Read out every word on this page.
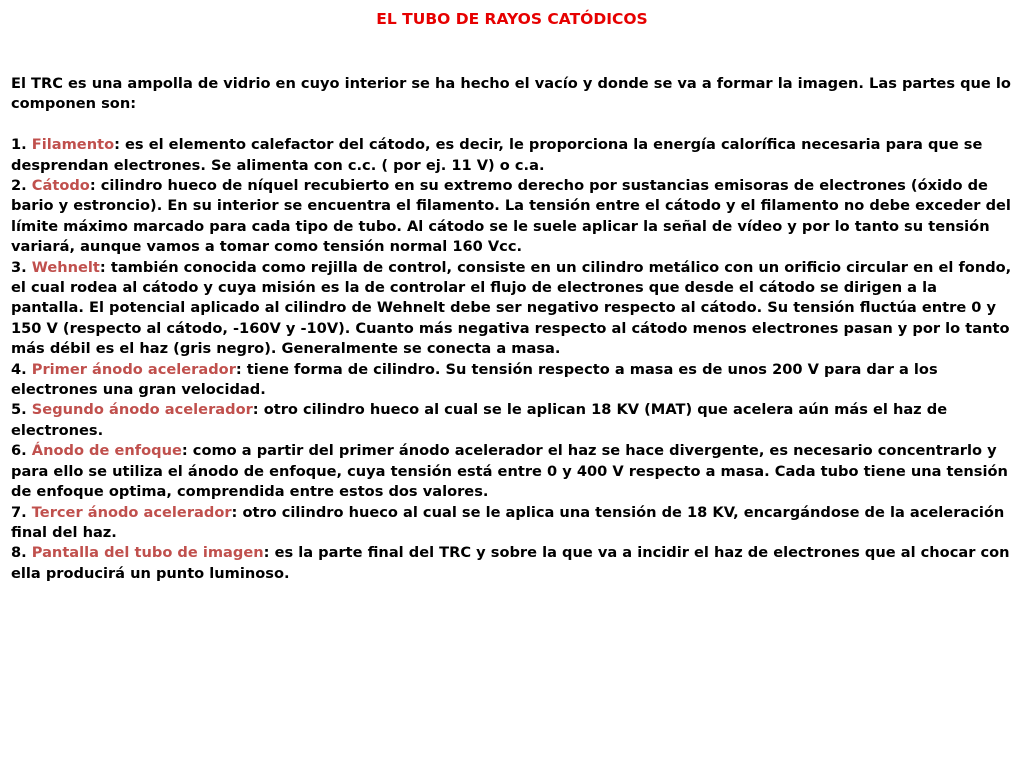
EL TUBO DE RAYOS CATÓDICOS

El TRC es una ampolla de vidrio en cuyo interior se ha hecho el vacío y donde se va a formar la imagen. Las partes que lo componen son:

1. Filamento: es el elemento calefactor del cátodo, es decir, le proporciona la energía calorífica necesaria para que se desprendan electrones. Se alimenta con c.c. ( por ej. 11 V) o c.a.

2. Cátodo: cilindro hueco de níquel recubierto en su extremo derecho por sustancias emisoras de electrones (óxido de bario y estroncio). En su interior se encuentra el filamento. La tensión entre el cátodo y el filamento no debe exceder del límite máximo marcado para cada tipo de tubo. Al cátodo se le suele aplicar la señal de vídeo y por lo tanto su tensión variará, aunque vamos a tomar como tensión normal 160 Vcc.

3. Wehnelt: también conocida como rejilla de control, consiste en un cilindro metálico con un orificio circular en el fondo, el cual rodea al cátodo y cuya misión es la de controlar el flujo de electrones que desde el cátodo se dirigen a la pantalla. El potencial aplicado al cilindro de Wehnelt debe ser negativo respecto al cátodo. Su tensión fluctúa entre 0 y 150 V (respecto al cátodo, -160V y -10V). Cuanto más negativa respecto al cátodo menos electrones pasan y por lo tanto más débil es el haz (gris negro). Generalmente se conecta a masa.

4. Primer ánodo acelerador: tiene forma de cilindro. Su tensión respecto a masa es de unos 200 V para dar a los electrones una gran velocidad.

5. Segundo ánodo acelerador: otro cilindro hueco al cual se le aplican 18 KV (MAT) que acelera aún más el haz de electrones.

6. Ánodo de enfoque: como a partir del primer ánodo acelerador el haz se hace divergente, es necesario concentrarlo y para ello se utiliza el ánodo de enfoque, cuya tensión está entre 0 y 400 V respecto a masa. Cada tubo tiene una tensión de enfoque optima, comprendida entre estos dos valores.

7. Tercer ánodo acelerador: otro cilindro hueco al cual se le aplica una tensión de 18 KV, encargándose de la aceleración final del haz.

8. Pantalla del tubo de imagen: es la parte final del TRC y sobre la que va a incidir el haz de electrones que al chocar con ella producirá un punto luminoso.
